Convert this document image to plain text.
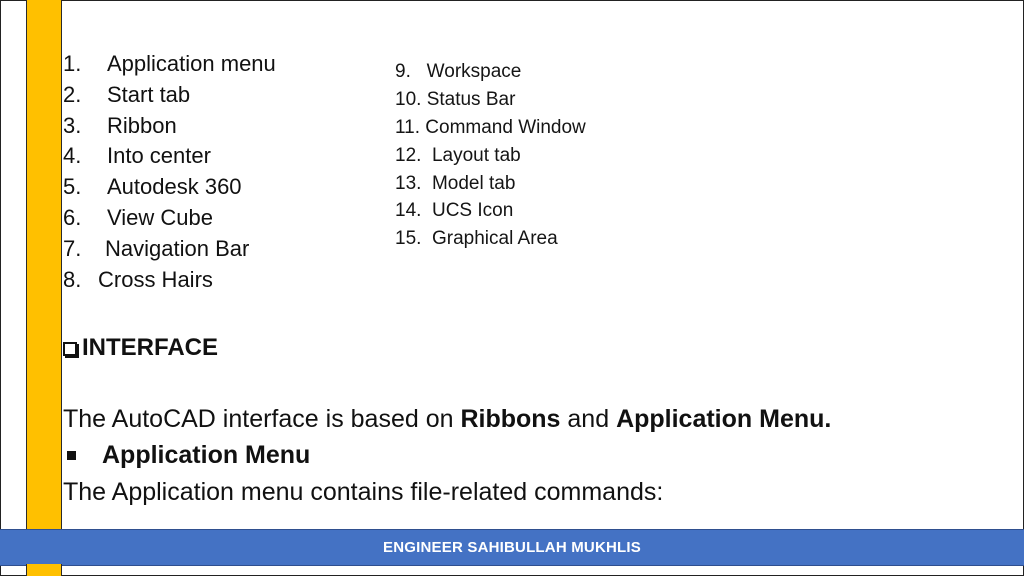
1. Application menu
2. Start tab
3. Ribbon
4. Into center
5. Autodesk 360
6. View Cube
7. Navigation Bar
8. Cross Hairs
9.   Workspace
10. Status Bar
11. Command Window
12.  Layout tab
13.  Model tab
14.  UCS Icon
15.  Graphical Area
INTERFACE
The AutoCAD interface is based on Ribbons and Application Menu.
Application Menu
The Application menu contains file-related commands:
ENGINEER SAHIBULLAH MUKHLIS
